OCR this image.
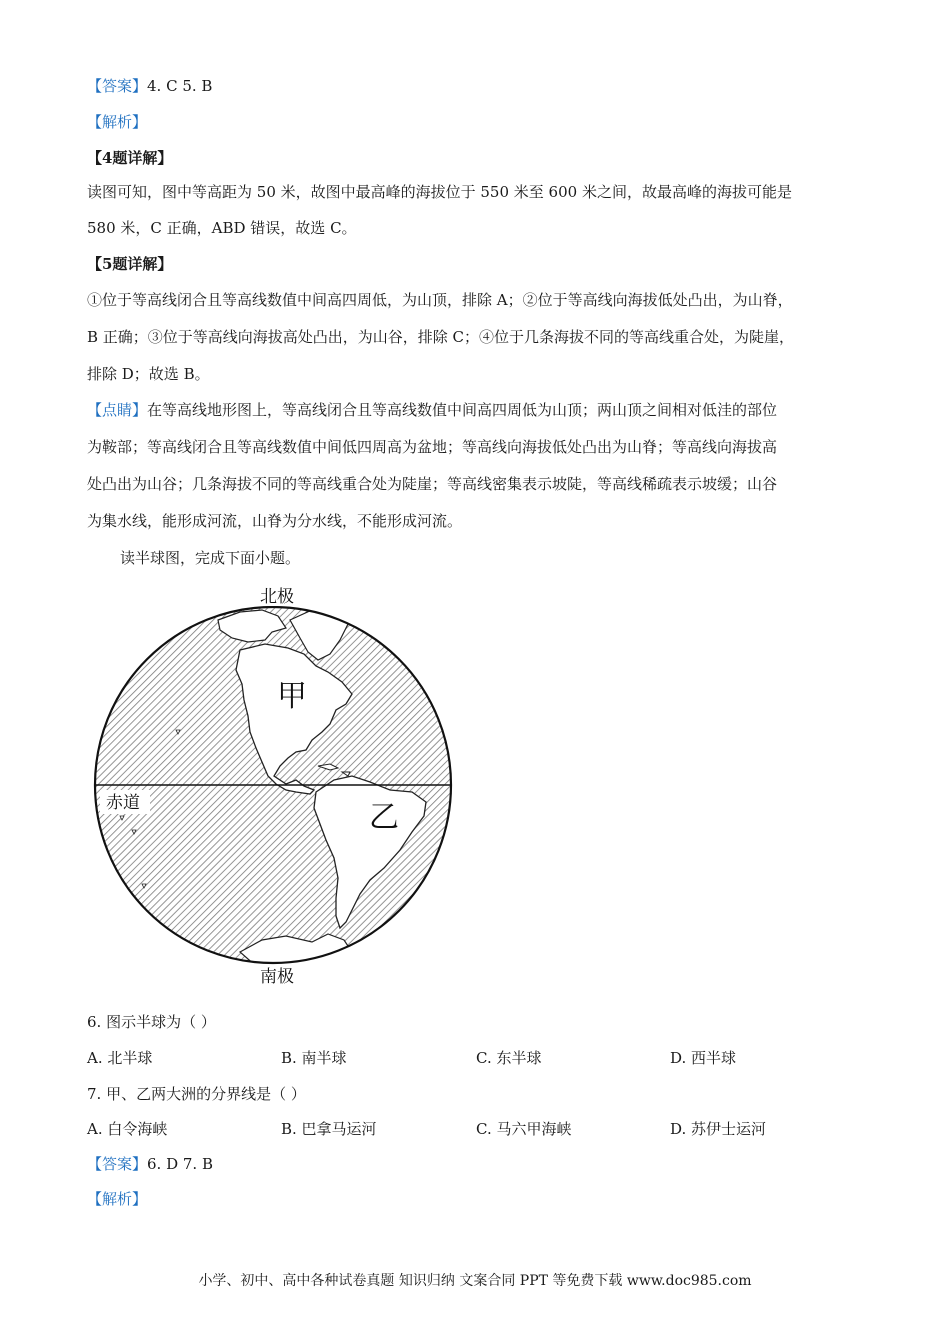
【答案】4. C 5. B
【解析】
【4题详解】
读图可知，图中等高距为 50 米，故图中最高峰的海拔位于 550 米至 600 米之间，故最高峰的海拔可能是
580 米，C 正确，ABD 错误，故选 C。
【5题详解】
①位于等高线闭合且等高线数值中间高四周低，为山顶，排除 A；②位于等高线向海拔低处凸出，为山脊，
B 正确；③位于等高线向海拔高处凸出，为山谷，排除 C；④位于几条海拔不同的等高线重合处，为陡崖，
排除 D；故选 B。
【点睛】在等高线地形图上，等高线闭合且等高线数值中间高四周低为山顶；两山顶之间相对低洼的部位
为鞍部；等高线闭合且等高线数值中间低四周高为盆地；等高线向海拔低处凸出为山脊；等高线向海拔高
处凸出为山谷；几条海拔不同的等高线重合处为陡崖；等高线密集表示坡陡，等高线稀疏表示坡缓；山谷
为集水线，能形成河流，山脊为分水线，不能形成河流。
读半球图，完成下面小题。
北极
南极
赤道
甲
乙
6. 图示半球为（ ）
A. 北半球	B. 南半球	C. 东半球	D. 西半球
7. 甲、乙两大洲的分界线是（ ）
A. 白令海峡	B. 巴拿马运河	C. 马六甲海峡	D. 苏伊士运河
【答案】6. D 7. B
【解析】
小学、初中、高中各种试卷真题 知识归纳 文案合同 PPT 等免费下载 www.doc985.com
